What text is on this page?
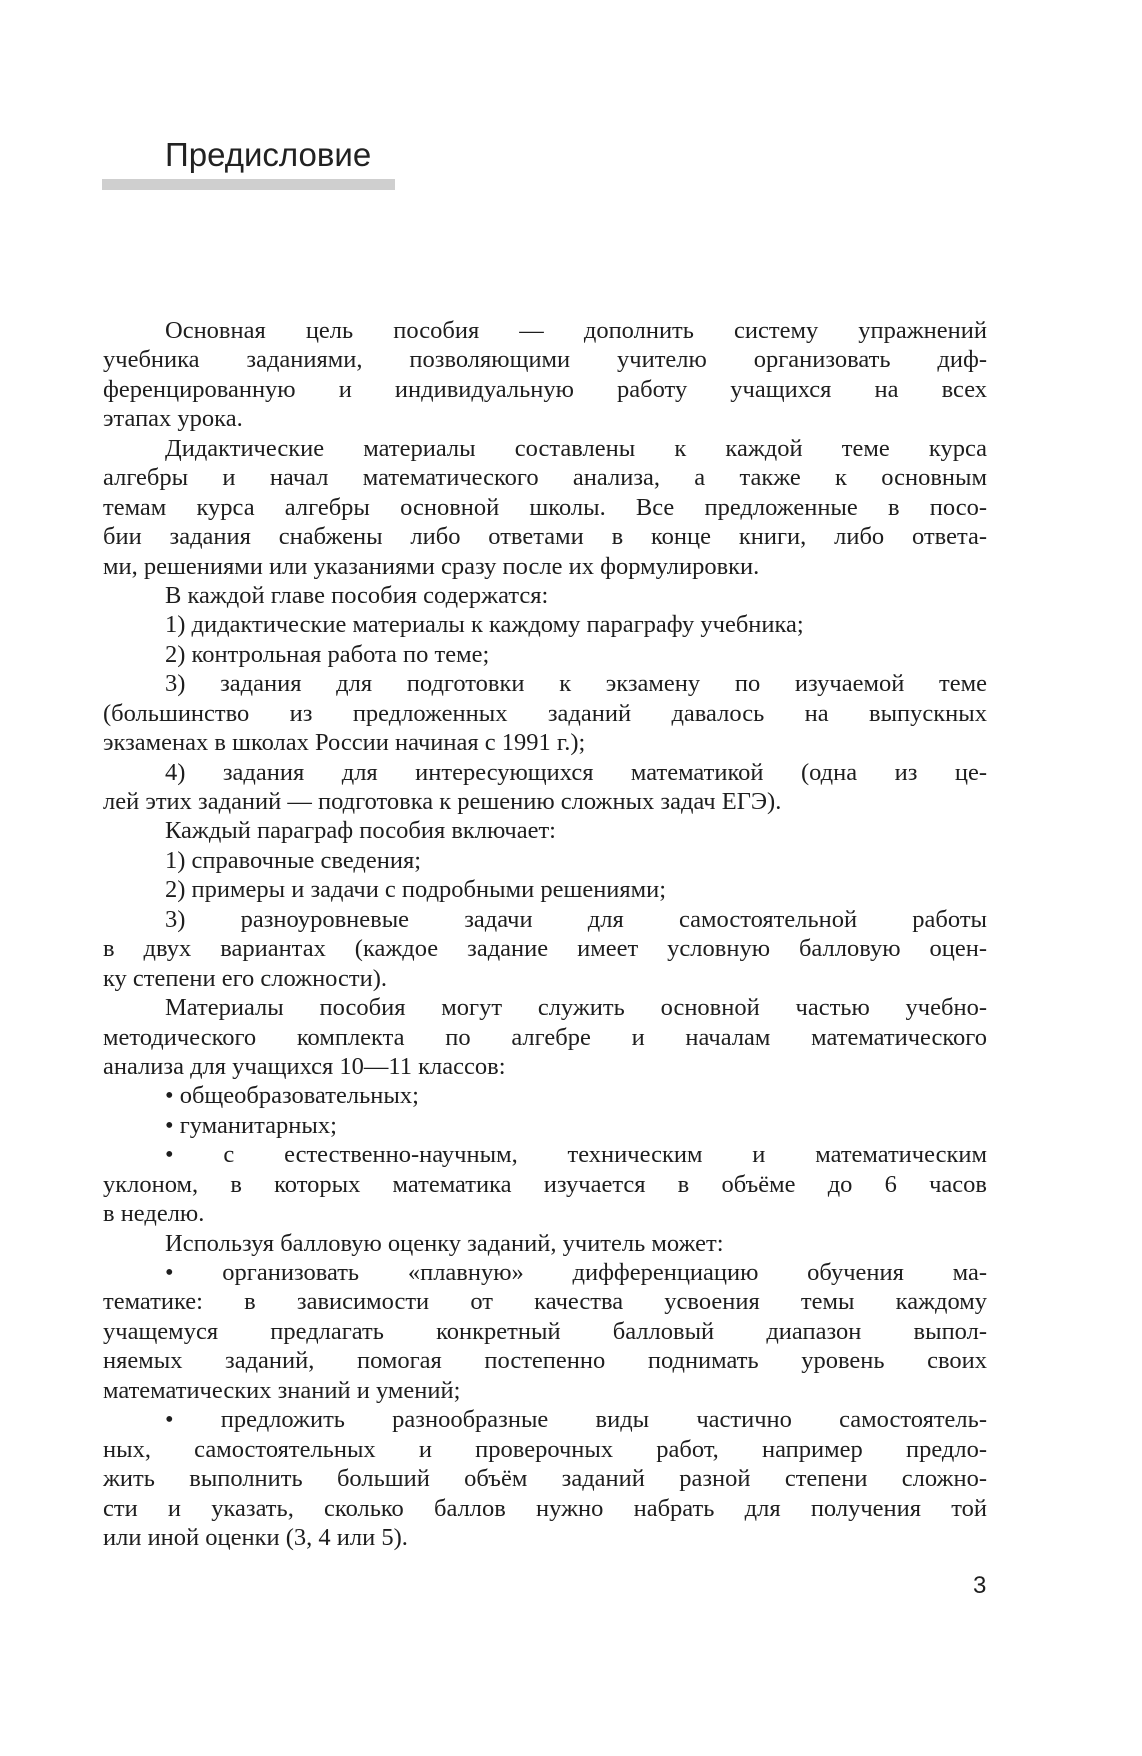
Предисловие
Основная цель пособия — дополнить систему упражнений
учебника заданиями, позволяющими учителю организовать диф-
ференцированную и индивидуальную работу учащихся на всех
этапах урока.
Дидактические материалы составлены к каждой теме курса
алгебры и начал математического анализа, а также к основным
темам курса алгебры основной школы. Все предложенные в посо-
бии задания снабжены либо ответами в конце книги, либо ответа-
ми, решениями или указаниями сразу после их формулировки.
В каждой главе пособия содержатся:
1) дидактические материалы к каждому параграфу учебника;
2) контрольная работа по теме;
3) задания для подготовки к экзамену по изучаемой теме
(большинство из предложенных заданий давалось на выпускных
экзаменах в школах России начиная с 1991 г.);
4) задания для интересующихся математикой (одна из це-
лей этих заданий — подготовка к решению сложных задач ЕГЭ).
Каждый параграф пособия включает:
1) справочные сведения;
2) примеры и задачи с подробными решениями;
3) разноуровневые задачи для самостоятельной работы
в двух вариантах (каждое задание имеет условную балловую оцен-
ку степени его сложности).
Материалы пособия могут служить основной частью учебно-
методического комплекта по алгебре и началам математического
анализа для учащихся 10—11 классов:
• общеобразовательных;
• гуманитарных;
• с естественно-научным, техническим и математическим
уклоном, в которых математика изучается в объёме до 6 часов
в неделю.
Используя балловую оценку заданий, учитель может:
• организовать «плавную» дифференциацию обучения ма-
тематике: в зависимости от качества усвоения темы каждому
учащемуся предлагать конкретный балловый диапазон выпол-
няемых заданий, помогая постепенно поднимать уровень своих
математических знаний и умений;
• предложить разнообразные виды частично самостоятель-
ных, самостоятельных и проверочных работ, например предло-
жить выполнить больший объём заданий разной степени сложно-
сти и указать, сколько баллов нужно набрать для получения той
или иной оценки (3, 4 или 5).
3
